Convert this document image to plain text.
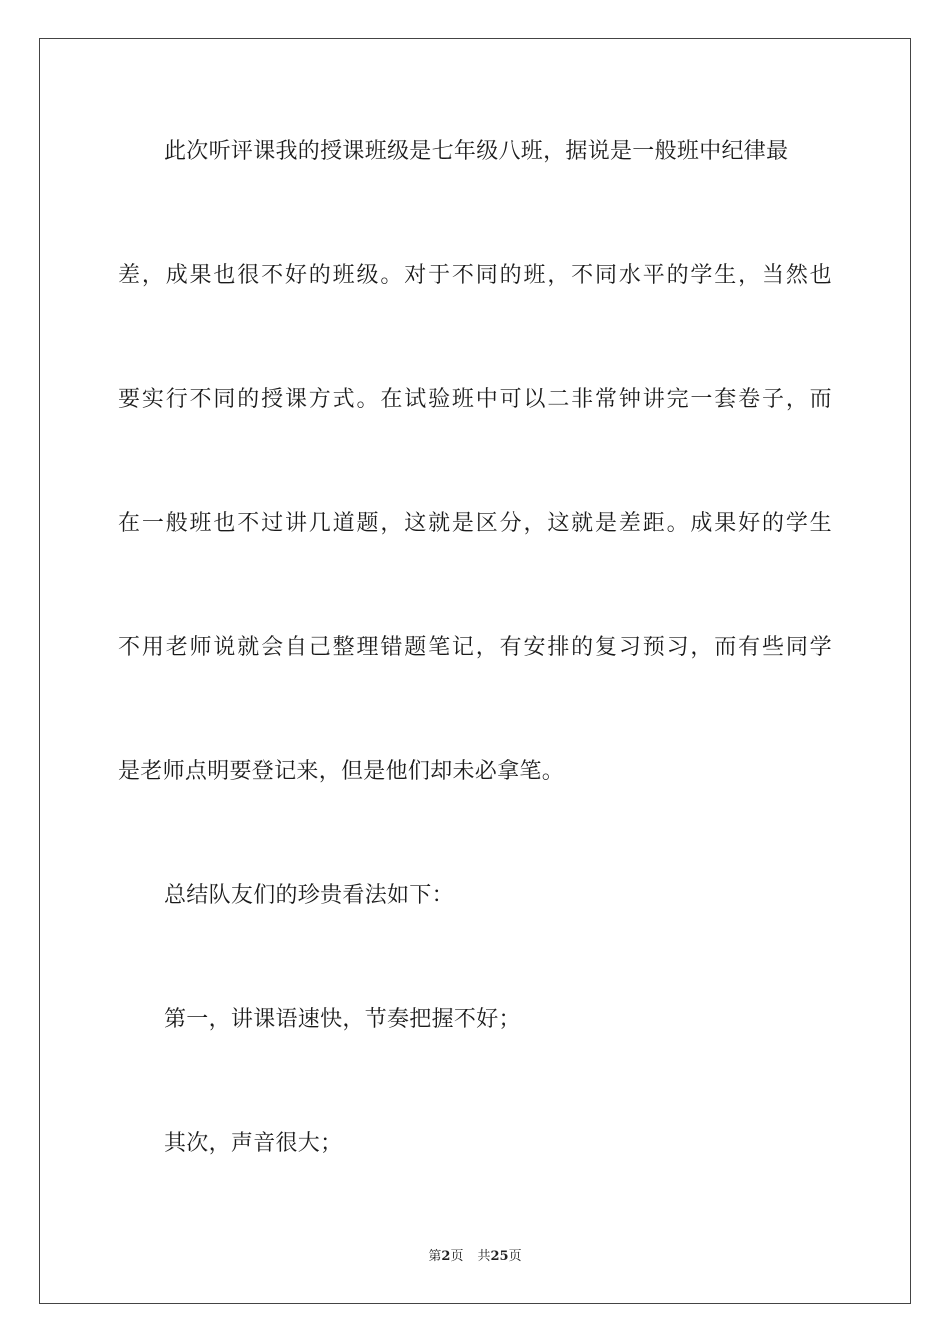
此次听评课我的授课班级是七年级八班，据说是一般班中纪律最
差，成果也很不好的班级。对于不同的班，不同水平的学生，当然也
要实行不同的授课方式。在试验班中可以二非常钟讲完一套卷子，而
在一般班也不过讲几道题，这就是区分，这就是差距。成果好的学生
不用老师说就会自己整理错题笔记，有安排的复习预习，而有些同学
是老师点明要登记来，但是他们却未必拿笔。
总结队友们的珍贵看法如下：
第一，讲课语速快，节奏把握不好；
其次，声音很大；
第2页 共25页
